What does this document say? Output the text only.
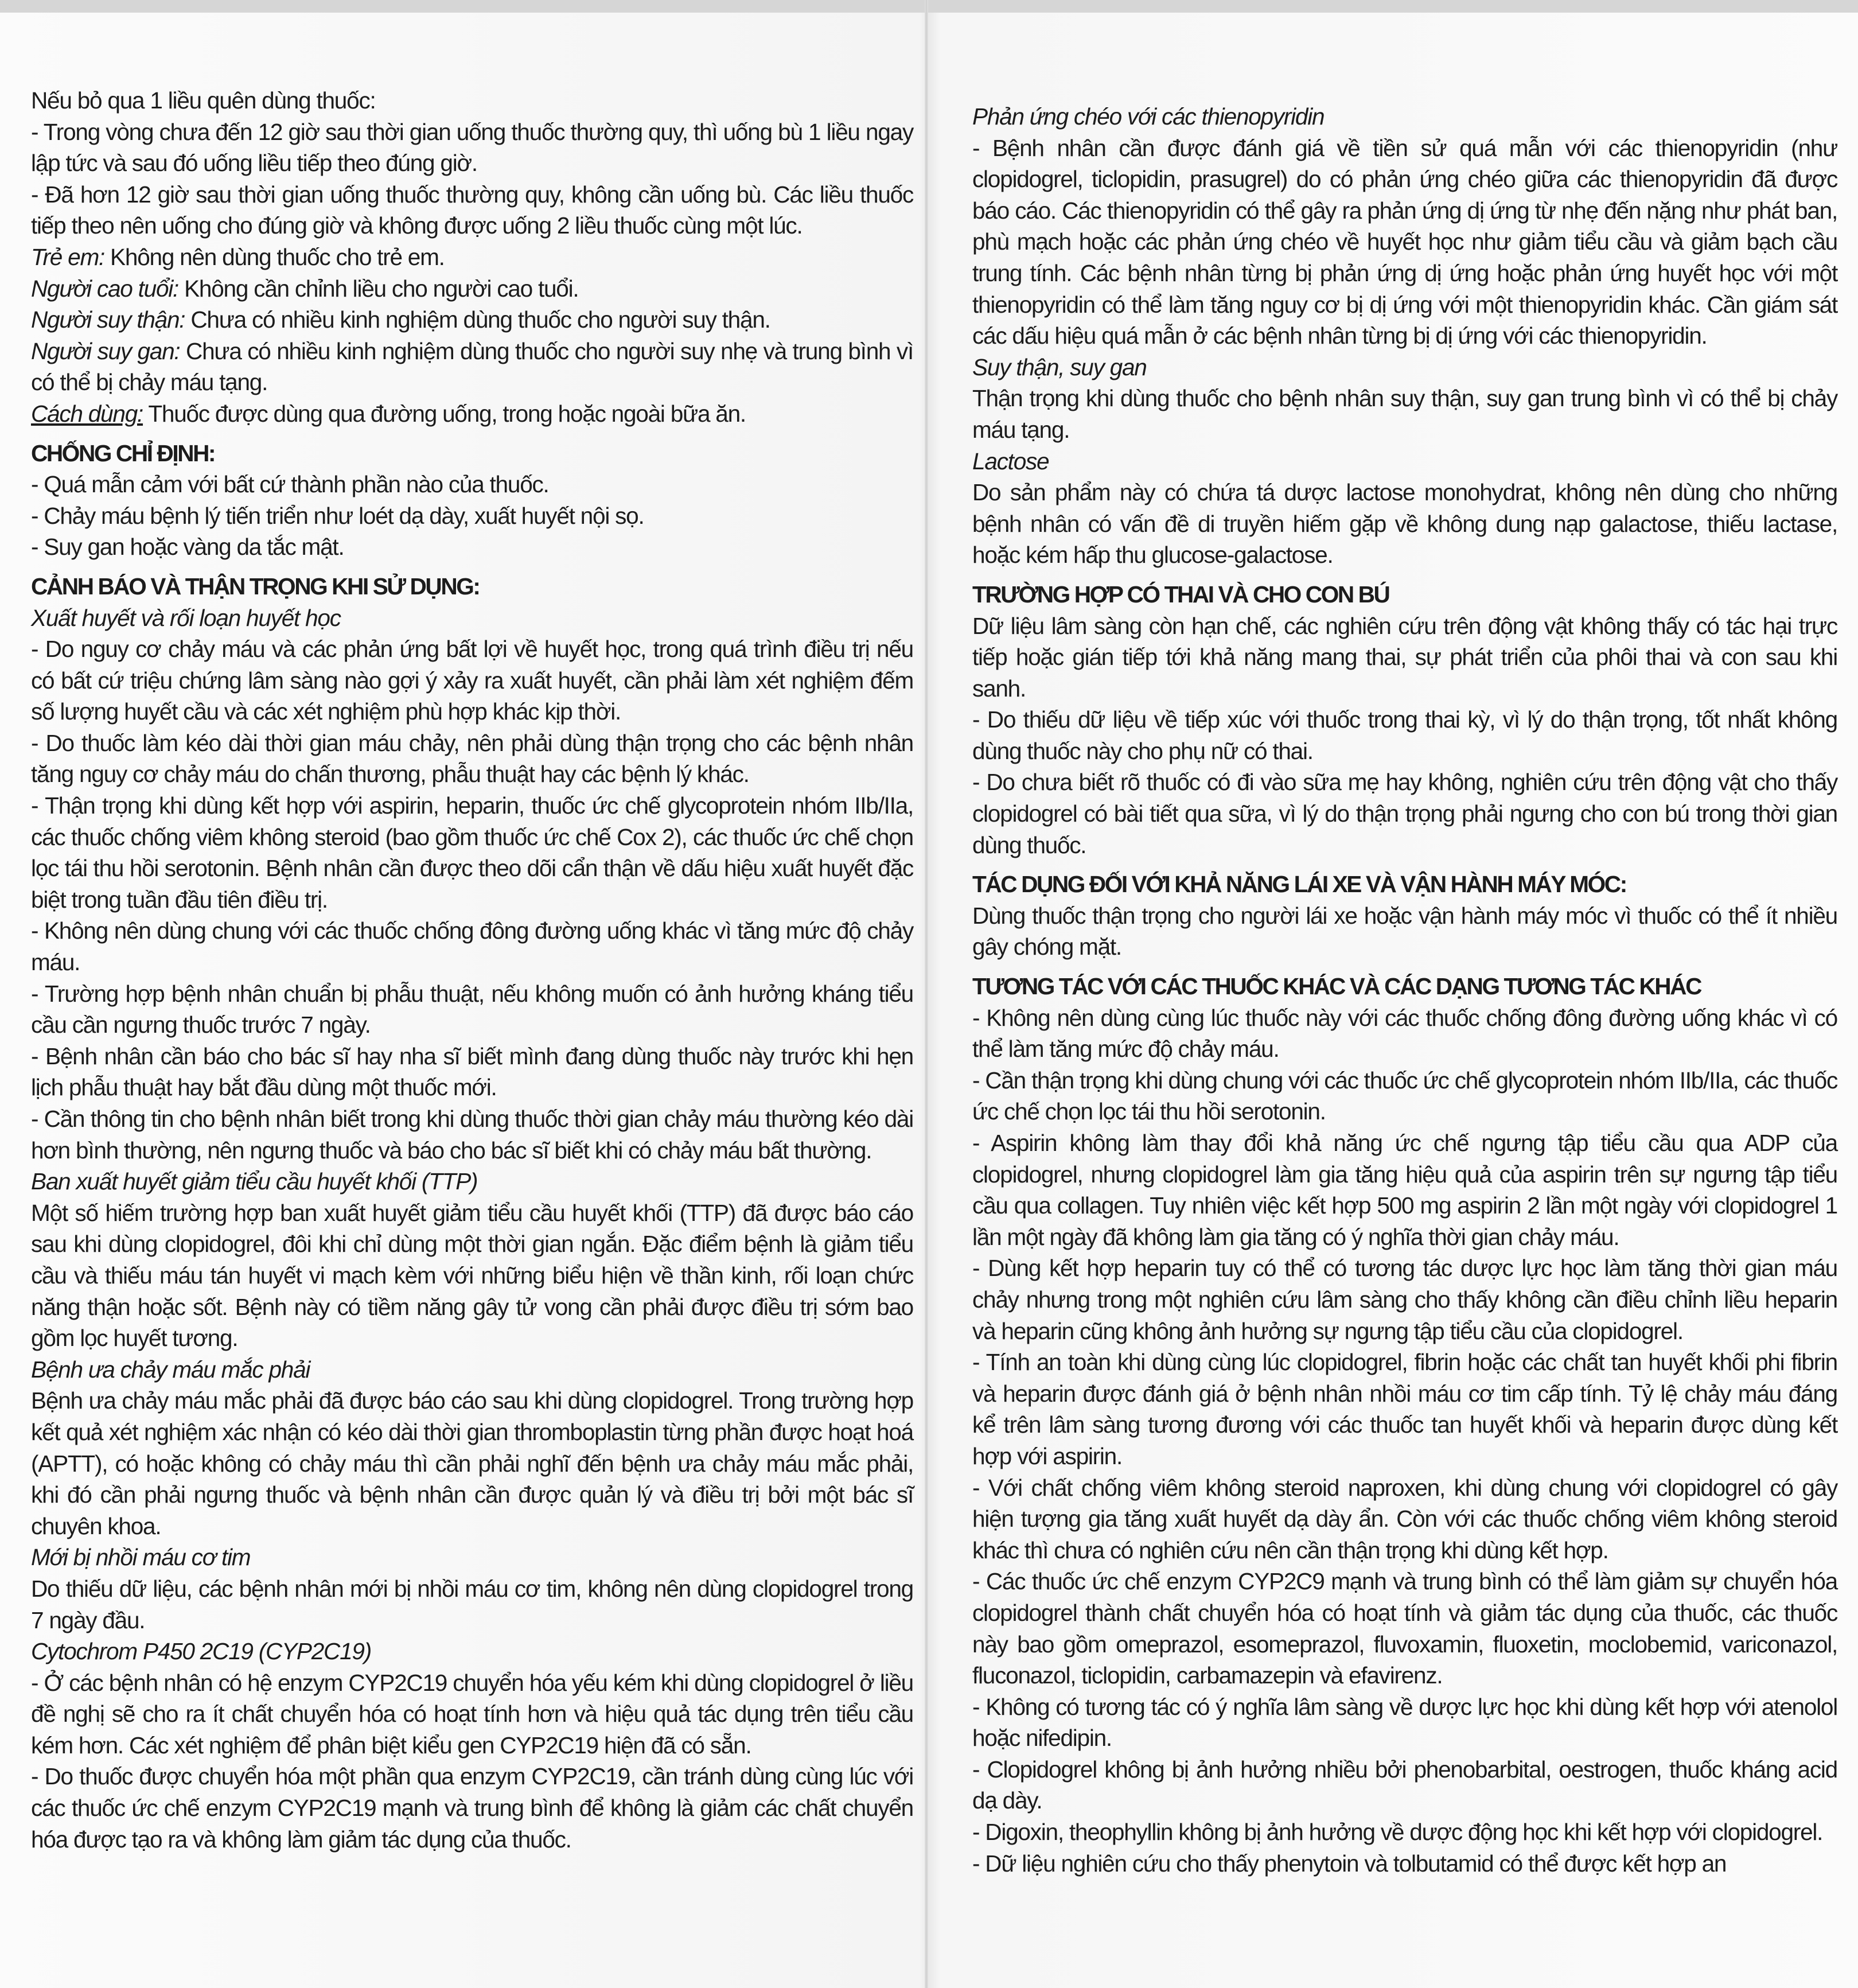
Nếu bỏ qua 1 liều quên dùng thuốc:

- Trong vòng chưa đến 12 giờ sau thời gian uống thuốc thường quy, thì uống bù 1 liều ngay lập tức và sau đó uống liều tiếp theo đúng giờ.

- Đã hơn 12 giờ sau thời gian uống thuốc thường quy, không cần uống bù. Các liều thuốc tiếp theo nên uống cho đúng giờ và không được uống 2 liều thuốc cùng một lúc.

Trẻ em: Không nên dùng thuốc cho trẻ em.

Người cao tuổi: Không cần chỉnh liều cho người cao tuổi.

Người suy thận: Chưa có nhiều kinh nghiệm dùng thuốc cho người suy thận.

Người suy gan: Chưa có nhiều kinh nghiệm dùng thuốc cho người suy nhẹ và trung bình vì có thể bị chảy máu tạng.

Cách dùng: Thuốc được dùng qua đường uống, trong hoặc ngoài bữa ăn.

CHỐNG CHỈ ĐỊNH:

- Quá mẫn cảm với bất cứ thành phần nào của thuốc.

- Chảy máu bệnh lý tiến triển như loét dạ dày, xuất huyết nội sọ.

- Suy gan hoặc vàng da tắc mật.

CẢNH BÁO VÀ THẬN TRỌNG KHI SỬ DỤNG:

Xuất huyết và rối loạn huyết học

- Do nguy cơ chảy máu và các phản ứng bất lợi về huyết học, trong quá trình điều trị nếu có bất cứ triệu chứng lâm sàng nào gợi ý xảy ra xuất huyết, cần phải làm xét nghiệm đếm số lượng huyết cầu và các xét nghiệm phù hợp khác kịp thời.

- Do thuốc làm kéo dài thời gian máu chảy, nên phải dùng thận trọng cho các bệnh nhân tăng nguy cơ chảy máu do chấn thương, phẫu thuật hay các bệnh lý khác.

- Thận trọng khi dùng kết hợp với aspirin, heparin, thuốc ức chế glycoprotein nhóm IIb/IIa, các thuốc chống viêm không steroid (bao gồm thuốc ức chế Cox 2), các thuốc ức chế chọn lọc tái thu hồi serotonin. Bệnh nhân cần được theo dõi cẩn thận về dấu hiệu xuất huyết đặc biệt trong tuần đầu tiên điều trị.

- Không nên dùng chung với các thuốc chống đông đường uống khác vì tăng mức độ chảy máu.

- Trường hợp bệnh nhân chuẩn bị phẫu thuật, nếu không muốn có ảnh hưởng kháng tiểu cầu cần ngưng thuốc trước 7 ngày.

- Bệnh nhân cần báo cho bác sĩ hay nha sĩ biết mình đang dùng thuốc này trước khi hẹn lịch phẫu thuật hay bắt đầu dùng một thuốc mới.

- Cần thông tin cho bệnh nhân biết trong khi dùng thuốc thời gian chảy máu thường kéo dài hơn bình thường, nên ngưng thuốc và báo cho bác sĩ biết khi có chảy máu bất thường.

Ban xuất huyết giảm tiểu cầu huyết khối (TTP)

Một số hiếm trường hợp ban xuất huyết giảm tiểu cầu huyết khối (TTP) đã được báo cáo sau khi dùng clopidogrel, đôi khi chỉ dùng một thời gian ngắn. Đặc điểm bệnh là giảm tiểu cầu và thiếu máu tán huyết vi mạch kèm với những biểu hiện về thần kinh, rối loạn chức năng thận hoặc sốt. Bệnh này có tiềm năng gây tử vong cần phải được điều trị sớm bao gồm lọc huyết tương.

Bệnh ưa chảy máu mắc phải

Bệnh ưa chảy máu mắc phải đã được báo cáo sau khi dùng clopidogrel. Trong trường hợp kết quả xét nghiệm xác nhận có kéo dài thời gian thromboplastin từng phần được hoạt hoá (APTT), có hoặc không có chảy máu thì cần phải nghĩ đến bệnh ưa chảy máu mắc phải, khi đó cần phải ngưng thuốc và bệnh nhân cần được quản lý và điều trị bởi một bác sĩ chuyên khoa.

Mới bị nhồi máu cơ tim

Do thiếu dữ liệu, các bệnh nhân mới bị nhồi máu cơ tim, không nên dùng clopidogrel trong 7 ngày đầu.

Cytochrom P450 2C19 (CYP2C19)

- Ở các bệnh nhân có hệ enzym CYP2C19 chuyển hóa yếu kém khi dùng clopidogrel ở liều đề nghị sẽ cho ra ít chất chuyển hóa có hoạt tính hơn và hiệu quả tác dụng trên tiểu cầu kém hơn. Các xét nghiệm để phân biệt kiểu gen CYP2C19 hiện đã có sẵn.

- Do thuốc được chuyển hóa một phần qua enzym CYP2C19, cần tránh dùng cùng lúc với các thuốc ức chế enzym CYP2C19 mạnh và trung bình để không là giảm các chất chuyển hóa được tạo ra và không làm giảm tác dụng của thuốc.

Phản ứng chéo với các thienopyridin

- Bệnh nhân cần được đánh giá về tiền sử quá mẫn với các thienopyridin (như clopidogrel, ticlopidin, prasugrel) do có phản ứng chéo giữa các thienopyridin đã được báo cáo. Các thienopyridin có thể gây ra phản ứng dị ứng từ nhẹ đến nặng như phát ban, phù mạch hoặc các phản ứng chéo về huyết học như giảm tiểu cầu và giảm bạch cầu trung tính. Các bệnh nhân từng bị phản ứng dị ứng hoặc phản ứng huyết học với một thienopyridin có thể làm tăng nguy cơ bị dị ứng với một thienopyridin khác. Cần giám sát các dấu hiệu quá mẫn ở các bệnh nhân từng bị dị ứng với các thienopyridin.

Suy thận, suy gan

Thận trọng khi dùng thuốc cho bệnh nhân suy thận, suy gan trung bình vì có thể bị chảy máu tạng.

Lactose

Do sản phẩm này có chứa tá dược lactose monohydrat, không nên dùng cho những bệnh nhân có vấn đề di truyền hiếm gặp về không dung nạp galactose, thiếu lactase, hoặc kém hấp thu glucose-galactose.

TRƯỜNG HỢP CÓ THAI VÀ CHO CON BÚ

Dữ liệu lâm sàng còn hạn chế, các nghiên cứu trên động vật không thấy có tác hại trực tiếp hoặc gián tiếp tới khả năng mang thai, sự phát triển của phôi thai và con sau khi sanh.

- Do thiếu dữ liệu về tiếp xúc với thuốc trong thai kỳ, vì lý do thận trọng, tốt nhất không dùng thuốc này cho phụ nữ có thai.

- Do chưa biết rõ thuốc có đi vào sữa mẹ hay không, nghiên cứu trên động vật cho thấy clopidogrel có bài tiết qua sữa, vì lý do thận trọng phải ngưng cho con bú trong thời gian dùng thuốc.

TÁC DỤNG ĐỐI VỚI KHẢ NĂNG LÁI XE VÀ VẬN HÀNH MÁY MÓC:

Dùng thuốc thận trọng cho người lái xe hoặc vận hành máy móc vì thuốc có thể ít nhiều gây chóng mặt.

TƯƠNG TÁC VỚI CÁC THUỐC KHÁC VÀ CÁC DẠNG TƯƠNG TÁC KHÁC

- Không nên dùng cùng lúc thuốc này với các thuốc chống đông đường uống khác vì có thể làm tăng mức độ chảy máu.

- Cần thận trọng khi dùng chung với các thuốc ức chế glycoprotein nhóm IIb/IIa, các thuốc ức chế chọn lọc tái thu hồi serotonin.

- Aspirin không làm thay đổi khả năng ức chế ngưng tập tiểu cầu qua ADP của clopidogrel, nhưng clopidogrel làm gia tăng hiệu quả của aspirin trên sự ngưng tập tiểu cầu qua collagen. Tuy nhiên việc kết hợp 500 mg aspirin 2 lần một ngày với clopidogrel 1 lần một ngày đã không làm gia tăng có ý nghĩa thời gian chảy máu.

- Dùng kết hợp heparin tuy có thể có tương tác dược lực học làm tăng thời gian máu chảy nhưng trong một nghiên cứu lâm sàng cho thấy không cần điều chỉnh liều heparin và heparin cũng không ảnh hưởng sự ngưng tập tiểu cầu của clopidogrel.

- Tính an toàn khi dùng cùng lúc clopidogrel, fibrin hoặc các chất tan huyết khối phi fibrin và heparin được đánh giá ở bệnh nhân nhồi máu cơ tim cấp tính. Tỷ lệ chảy máu đáng kể trên lâm sàng tương đương với các thuốc tan huyết khối và heparin được dùng kết hợp với aspirin.

- Với chất chống viêm không steroid naproxen, khi dùng chung với clopidogrel có gây hiện tượng gia tăng xuất huyết dạ dày ẩn. Còn với các thuốc chống viêm không steroid khác thì chưa có nghiên cứu nên cần thận trọng khi dùng kết hợp.

- Các thuốc ức chế enzym CYP2C9 mạnh và trung bình có thể làm giảm sự chuyển hóa clopidogrel thành chất chuyển hóa có hoạt tính và giảm tác dụng của thuốc, các thuốc này bao gồm omeprazol, esomeprazol, fluvoxamin, fluoxetin, moclobemid, variconazol, fluconazol, ticlopidin, carbamazepin và efavirenz.

- Không có tương tác có ý nghĩa lâm sàng về dược lực học khi dùng kết hợp với atenolol hoặc nifedipin.

- Clopidogrel không bị ảnh hưởng nhiều bởi phenobarbital, oestrogen, thuốc kháng acid dạ dày.

- Digoxin, theophyllin không bị ảnh hưởng về dược động học khi kết hợp với clopidogrel.

- Dữ liệu nghiên cứu cho thấy phenytoin và tolbutamid có thể được kết hợp an
